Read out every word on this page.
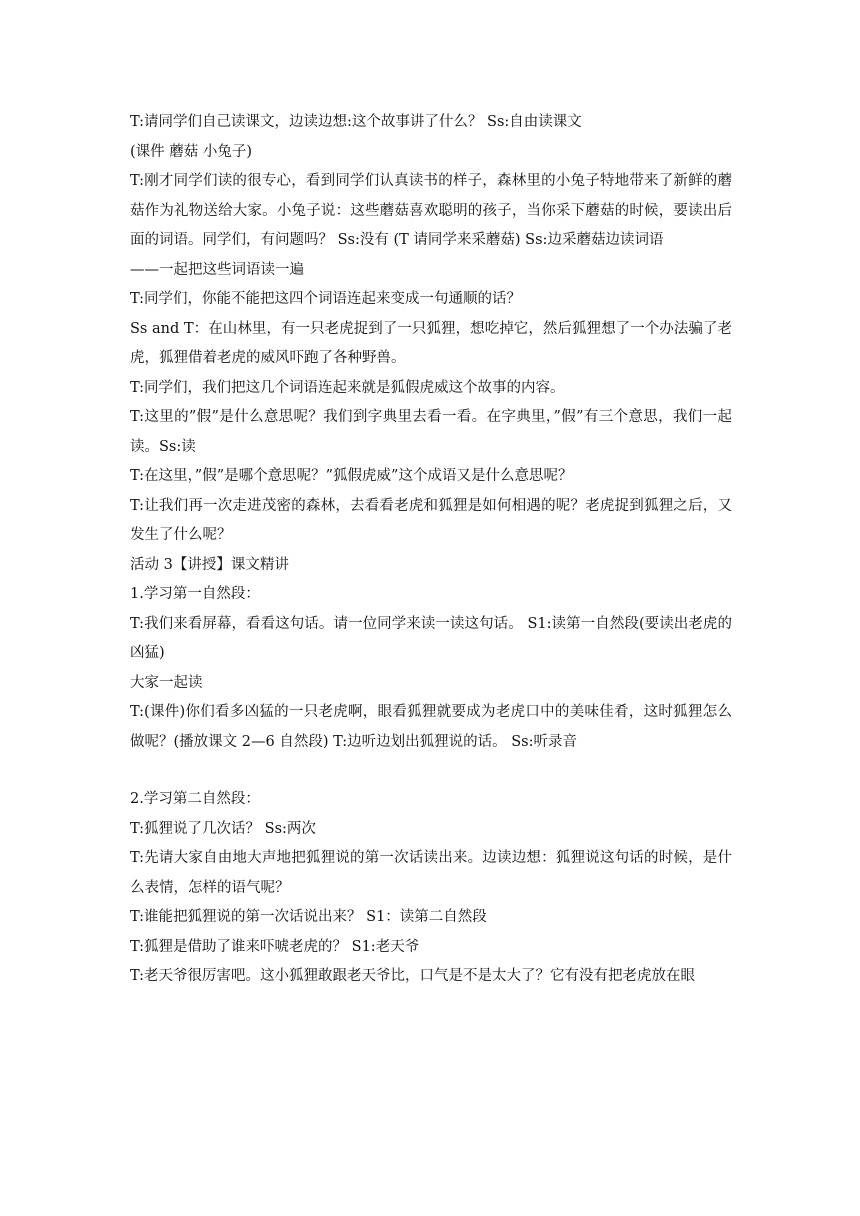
T:请同学们自己读课文，边读边想:这个故事讲了什么？ Ss:自由读课文

(课件 蘑菇 小兔子)

T:刚才同学们读的很专心，看到同学们认真读书的样子，森林里的小兔子特地带来了新鲜的蘑菇作为礼物送给大家。小兔子说：这些蘑菇喜欢聪明的孩子，当你采下蘑菇的时候，要读出后面的词语。同学们，有问题吗？ Ss:没有 (T 请同学来采蘑菇) Ss:边采蘑菇边读词语

——一起把这些词语读一遍

T:同学们，你能不能把这四个词语连起来变成一句通顺的话？

Ss and T：在山林里，有一只老虎捉到了一只狐狸，想吃掉它，然后狐狸想了一个办法骗了老虎，狐狸借着老虎的威风吓跑了各种野兽。

T:同学们，我们把这几个词语连起来就是狐假虎威这个故事的内容。

T:这里的”假”是什么意思呢？我们到字典里去看一看。在字典里，”假”有三个意思，我们一起读。Ss:读

T:在这里，”假”是哪个意思呢？”狐假虎威”这个成语又是什么意思呢？

T:让我们再一次走进茂密的森林，去看看老虎和狐狸是如何相遇的呢？老虎捉到狐狸之后，又发生了什么呢？

活动 3【讲授】课文精讲

1.学习第一自然段：

T:我们来看屏幕，看看这句话。请一位同学来读一读这句话。 S1:读第一自然段(要读出老虎的凶猛)

大家一起读

T:(课件)你们看多凶猛的一只老虎啊，眼看狐狸就要成为老虎口中的美味佳肴，这时狐狸怎么做呢？(播放课文 2—6 自然段) T:边听边划出狐狸说的话。 Ss:听录音

2.学习第二自然段：

T:狐狸说了几次话？ Ss:两次

T:先请大家自由地大声地把狐狸说的第一次话读出来。边读边想：狐狸说这句话的时候，是什么表情，怎样的语气呢？

T:谁能把狐狸说的第一次话说出来？ S1：读第二自然段

T:狐狸是借助了谁来吓唬老虎的？ S1:老天爷

T:老天爷很厉害吧。这小狐狸敢跟老天爷比，口气是不是太大了？它有没有把老虎放在眼
